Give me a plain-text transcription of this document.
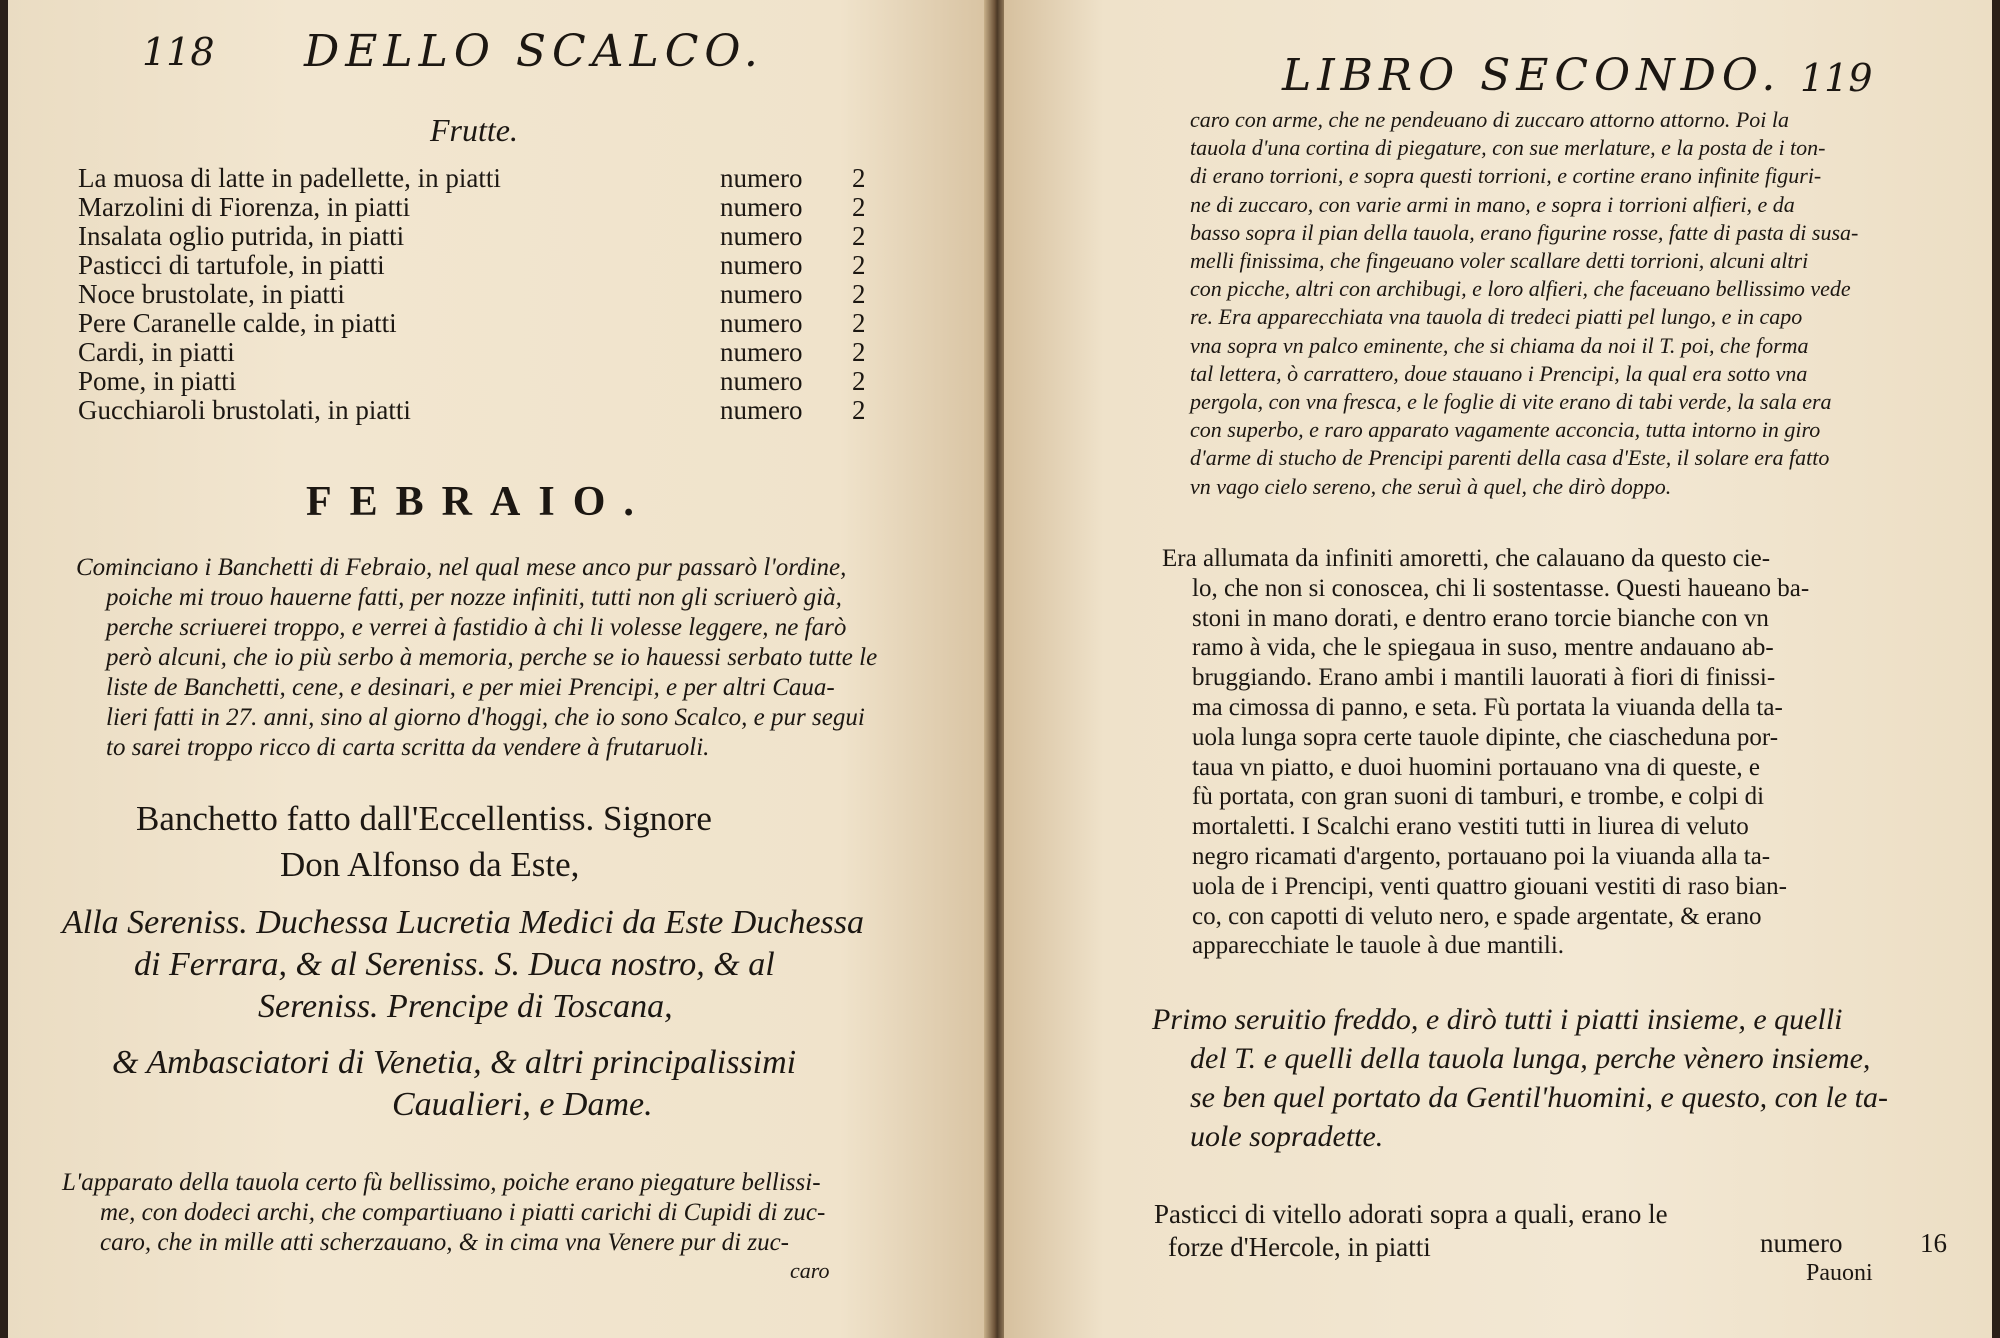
118 DELLO SCALCO.
Frutte.
La muosa di latte in padellette, in piatti	numero 2
Marzolini di Fiorenza, in piatti	numero 2
Insalata oglio putrida, in piatti	numero 2
Pasticci di tartufole, in piatti	numero 2
Noce brustolate, in piatti	numero 2
Pere Caranelle calde, in piatti	numero 2
Cardi, in piatti	numero 2
Pome, in piatti	numero 2
Gucchiaroli brustolati, in piatti	numero 2
FEBRAIO.
Cominciano i Banchetti di Febraio, nel qual mese anco pur passarò l'ordine,
poiche mi trouo hauerne fatti, per nozze infiniti, tutti non gli scriuerò già,
perche scriuerei troppo, e verrei à fastidio à chi li volesse leggere, ne farò
però alcuni, che io più serbo à memoria, perche se io hauessi serbato tutte le
liste de Banchetti, cene, e desinari, e per miei Prencipi, e per altri Caua-
lieri fatti in 27. anni, sino al giorno d'hoggi, che io sono Scalco, e pur segui
to sarei troppo ricco di carta scritta da vendere à frutaruoli.
Banchetto fatto dall'Eccellentiss. Signore
Don Alfonso da Este,
Alla Sereniss. Duchessa Lucretia Medici da Este Duchessa
di Ferrara, & al Sereniss. S. Duca nostro, & al
Sereniss. Prencipe di Toscana,
& Ambasciatori di Venetia, & altri principalissimi
Caualieri, e Dame.
L'apparato della tauola certo fù bellissimo, poiche erano piegature bellissi-
me, con dodeci archi, che compartiuano i piatti carichi di Cupidi di zuc-
caro, che in mille atti scherzauano, & in cima vna Venere pur di zuc-
caro
LIBRO SECONDO. 119
caro con arme, che ne pendeuano di zuccaro attorno attorno. Poi la
tauola d'una cortina di piegature, con sue merlature, e la posta de i ton-
di erano torrioni, e sopra questi torrioni, e cortine erano infinite figuri-
ne di zuccaro, con varie armi in mano, e sopra i torrioni alfieri, e da
basso sopra il pian della tauola, erano figurine rosse, fatte di pasta di susa-
melli finissima, che fingeuano voler scallare detti torrioni, alcuni altri
con picche, altri con archibugi, e loro alfieri, che faceuano bellissimo vede
re. Era apparecchiata vna tauola di tredeci piatti pel lungo, e in capo
vna sopra vn palco eminente, che si chiama da noi il T. poi, che forma
tal lettera, ò carrattero, doue stauano i Prencipi, la qual era sotto vna
pergola, con vna fresca, e le foglie di vite erano di tabi verde, la sala era
con superbo, e raro apparato vagamente acconcia, tutta intorno in giro
d'arme di stucho de Prencipi parenti della casa d'Este, il solare era fatto
vn vago cielo sereno, che seruì à quel, che dirò doppo.
Era allumata da infiniti amoretti, che calauano da questo cie-
lo, che non si conoscea, chi li sostentasse. Questi haueano ba-
stoni in mano dorati, e dentro erano torcie bianche con vn
ramo à vida, che le spiegaua in suso, mentre andauano ab-
bruggiando. Erano ambi i mantili lauorati à fiori di finissi-
ma cimossa di panno, e seta. Fù portata la viuanda della ta-
uola lunga sopra certe tauole dipinte, che ciascheduna por-
taua vn piatto, e duoi huomini portauano vna di queste, e
fù portata, con gran suoni di tamburi, e trombe, e colpi di
mortaletti. I Scalchi erano vestiti tutti in liurea di veluto
negro ricamati d'argento, portauano poi la viuanda alla ta-
uola de i Prencipi, venti quattro giouani vestiti di raso bian-
co, con capotti di veluto nero, e spade argentate, & erano
apparecchiate le tauole à due mantili.
Primo seruitio freddo, e dirò tutti i piatti insieme, e quelli
del T. e quelli della tauola lunga, perche vènero insieme,
se ben quel portato da Gentil'huomini, e questo, con le ta-
uole sopradette.
Pasticci di vitello adorati sopra a quali, erano le
forze d'Hercole, in piatti	numero	16
Pauoni
